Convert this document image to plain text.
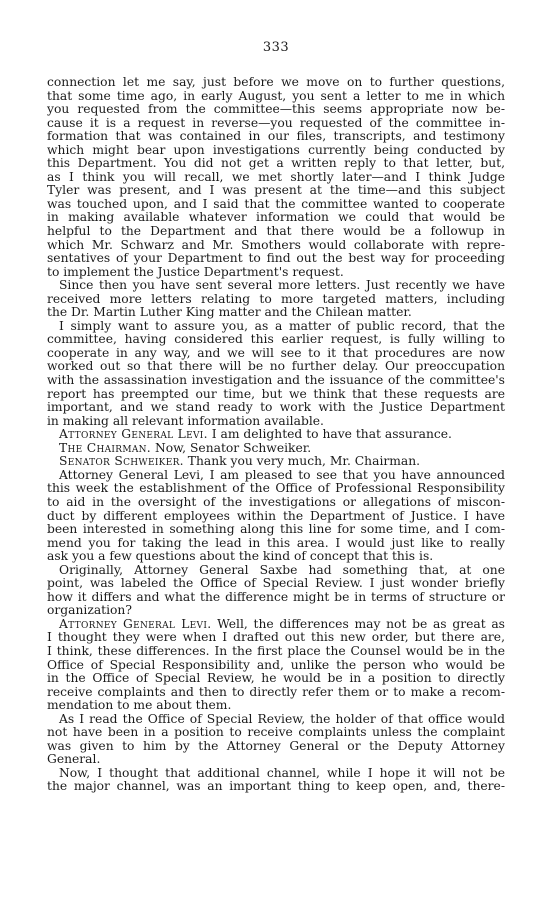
333
connection let me say, just before we move on to further questions,
that some time ago, in early August, you sent a letter to me in which
you requested from the committee—this seems appropriate now be-
cause it is a request in reverse—you requested of the committee in-
formation that was contained in our files, transcripts, and testimony
which might bear upon investigations currently being conducted by
this Department. You did not get a written reply to that letter, but,
as I think you will recall, we met shortly later—and I think Judge
Tyler was present, and I was present at the time—and this subject
was touched upon, and I said that the committee wanted to cooperate
in making available whatever information we could that would be
helpful to the Department and that there would be a followup in
which Mr. Schwarz and Mr. Smothers would collaborate with repre-
sentatives of your Department to find out the best way for proceeding
to implement the Justice Department's request.
Since then you have sent several more letters. Just recently we have
received more letters relating to more targeted matters, including
the Dr. Martin Luther King matter and the Chilean matter.
I simply want to assure you, as a matter of public record, that the
committee, having considered this earlier request, is fully willing to
cooperate in any way, and we will see to it that procedures are now
worked out so that there will be no further delay. Our preoccupation
with the assassination investigation and the issuance of the committee's
report has preempted our time, but we think that these requests are
important, and we stand ready to work with the Justice Department
in making all relevant information available.
Attorney General Levi. I am delighted to have that assurance.
The Chairman. Now, Senator Schweiker.
Senator Schweiker. Thank you very much, Mr. Chairman.
Attorney General Levi, I am pleased to see that you have announced
this week the establishment of the Office of Professional Responsibility
to aid in the oversight of the investigations or allegations of miscon-
duct by different employees within the Department of Justice. I have
been interested in something along this line for some time, and I com-
mend you for taking the lead in this area. I would just like to really
ask you a few questions about the kind of concept that this is.
Originally, Attorney General Saxbe had something that, at one
point, was labeled the Office of Special Review. I just wonder briefly
how it differs and what the difference might be in terms of structure or
organization?
Attorney General Levi. Well, the differences may not be as great as
I thought they were when I drafted out this new order, but there are,
I think, these differences. In the first place the Counsel would be in the
Office of Special Responsibility and, unlike the person who would be
in the Office of Special Review, he would be in a position to directly
receive complaints and then to directly refer them or to make a recom-
mendation to me about them.
As I read the Office of Special Review, the holder of that office would
not have been in a position to receive complaints unless the complaint
was given to him by the Attorney General or the Deputy Attorney
General.
Now, I thought that additional channel, while I hope it will not be
the major channel, was an important thing to keep open, and, there-
